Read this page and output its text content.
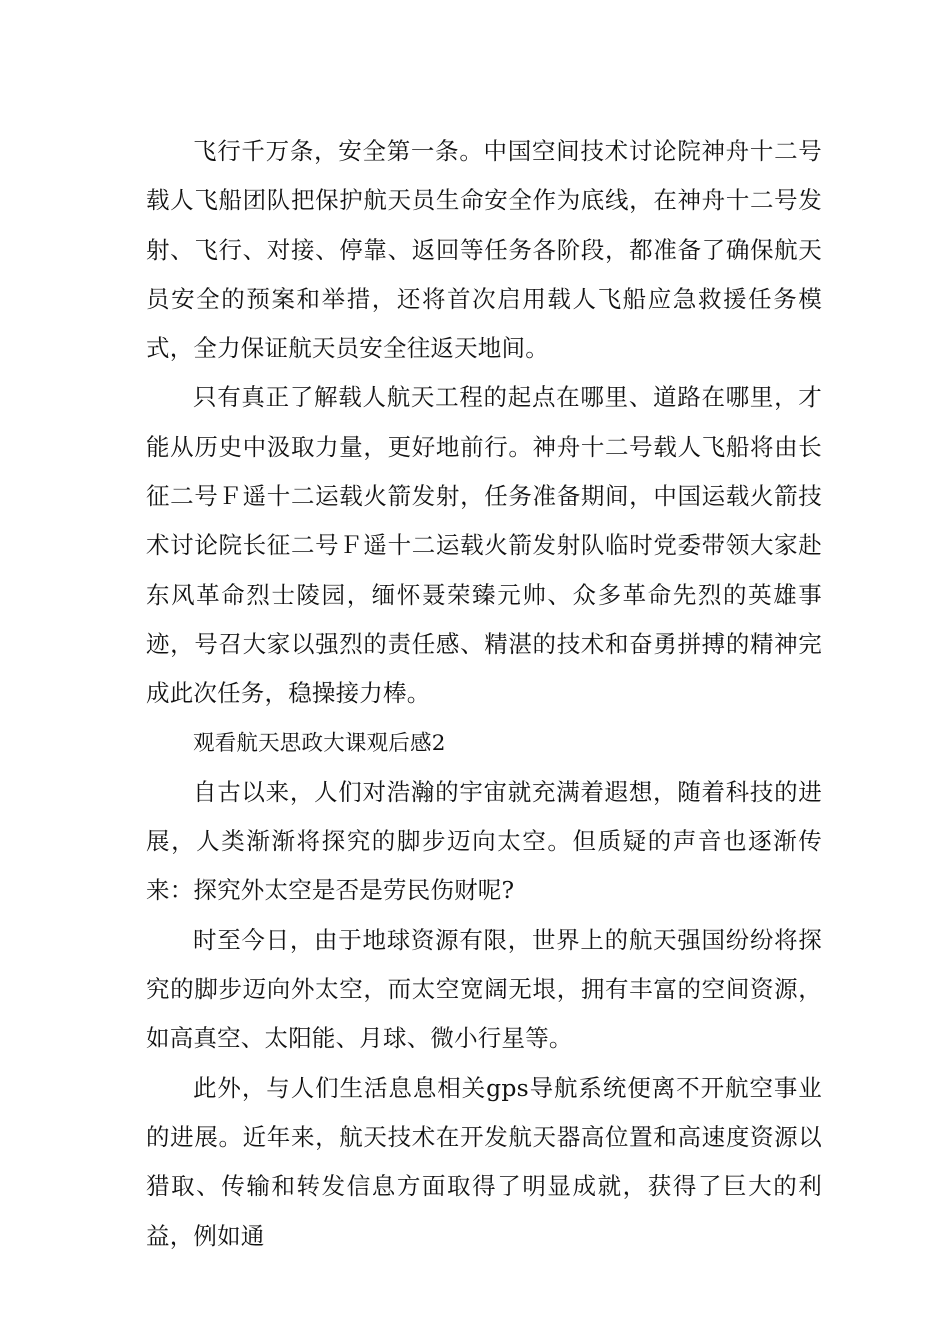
飞行千万条，安全第一条。中国空间技术讨论院神舟十二号载人飞船团队把保护航天员生命安全作为底线，在神舟十二号发射、飞行、对接、停靠、返回等任务各阶段，都准备了确保航天员安全的预案和举措，还将首次启用载人飞船应急救援任务模式，全力保证航天员安全往返天地间。

只有真正了解载人航天工程的起点在哪里、道路在哪里，才能从历史中汲取力量，更好地前行。神舟十二号载人飞船将由长征二号Ｆ遥十二运载火箭发射，任务准备期间，中国运载火箭技术讨论院长征二号Ｆ遥十二运载火箭发射队临时党委带领大家赴东风革命烈士陵园，缅怀聂荣臻元帅、众多革命先烈的英雄事迹，号召大家以强烈的责任感、精湛的技术和奋勇拼搏的精神完成此次任务，稳操接力棒。

观看航天思政大课观后感2

自古以来，人们对浩瀚的宇宙就充满着遐想，随着科技的进展，人类渐渐将探究的脚步迈向太空。但质疑的声音也逐渐传来：探究外太空是否是劳民伤财呢?

时至今日，由于地球资源有限，世界上的航天强国纷纷将探究的脚步迈向外太空，而太空宽阔无垠，拥有丰富的空间资源，如高真空、太阳能、月球、微小行星等。

此外，与人们生活息息相关gps导航系统便离不开航空事业的进展。近年来，航天技术在开发航天器高位置和高速度资源以猎取、传输和转发信息方面取得了明显成就，获得了巨大的利益，例如通
